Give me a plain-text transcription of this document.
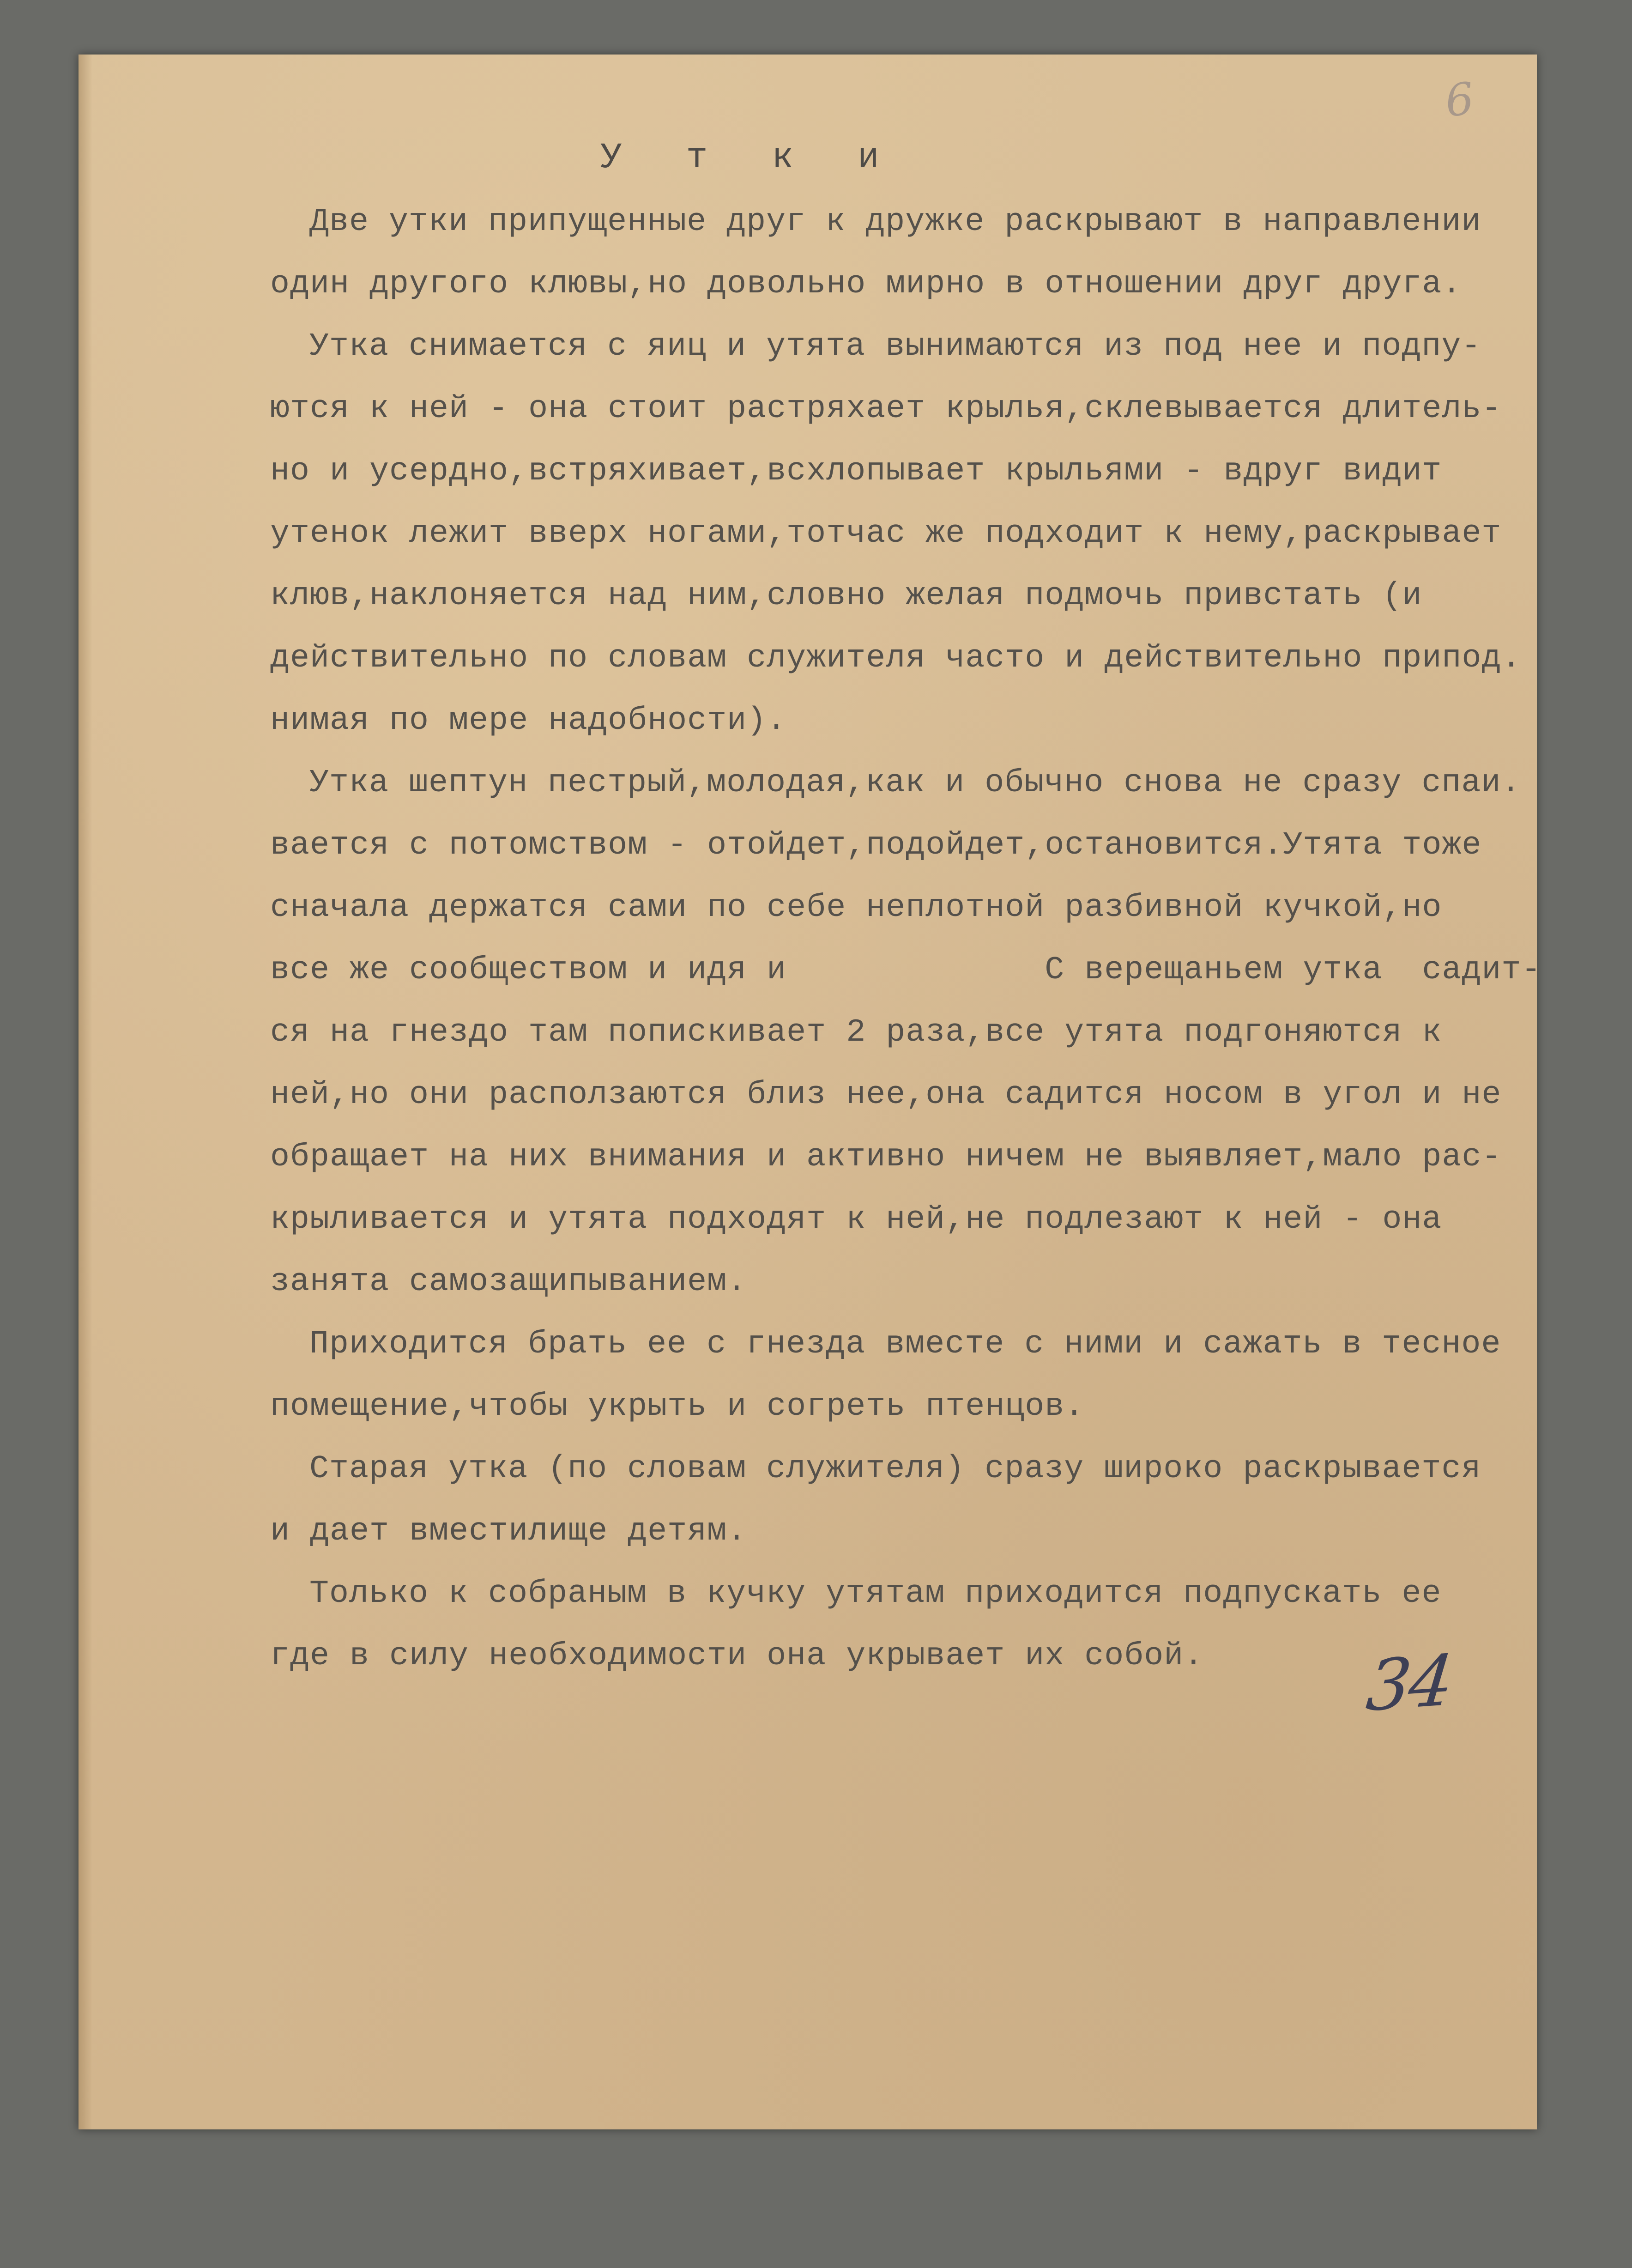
6
У т к и
Две утки припущенные друг к дружке раскрывают в направлении
один другого клювы,но довольно мирно в отношении друг друга.
Утка снимается с яиц и утята вынимаются из под нее и подпу-
ются к ней - она стоит растряхает крылья,склевывается длитель-
но и усердно,встряхивает,всхлопывает крыльями - вдруг видит
утенок лежит вверх ногами,тотчас же подходит к нему,раскрывает
клюв,наклоняется над ним,словно желая подмочь привстать (и
действительно по словам служителя часто и действительно припод.
нимая по мере надобности).
Утка шептун пестрый,молодая,как и обычно снова не сразу спаи.
вается с потомством - отойдет,подойдет,остановится.Утята тоже
сначала держатся сами по себе неплотной разбивной кучкой,но
все же сообществом и идя и             С верещаньем утка  садит-
ся на гнездо там попискивает 2 раза,все утята подгоняются к
ней,но они расползаются близ нее,она садится носом в угол и не
обращает на них внимания и активно ничем не выявляет,мало рас-
крыливается и утята подходят к ней,не подлезают к ней - она
занята самозащипыванием.
Приходится брать ее с гнезда вместе с ними и сажать в тесное
помещение,чтобы укрыть и согреть птенцов.
Старая утка (по словам служителя) сразу широко раскрывается
и дает вместилище детям.
Только к собраным в кучку утятам приходится подпускать ее
где в силу необходимости она укрывает их собой.	34
